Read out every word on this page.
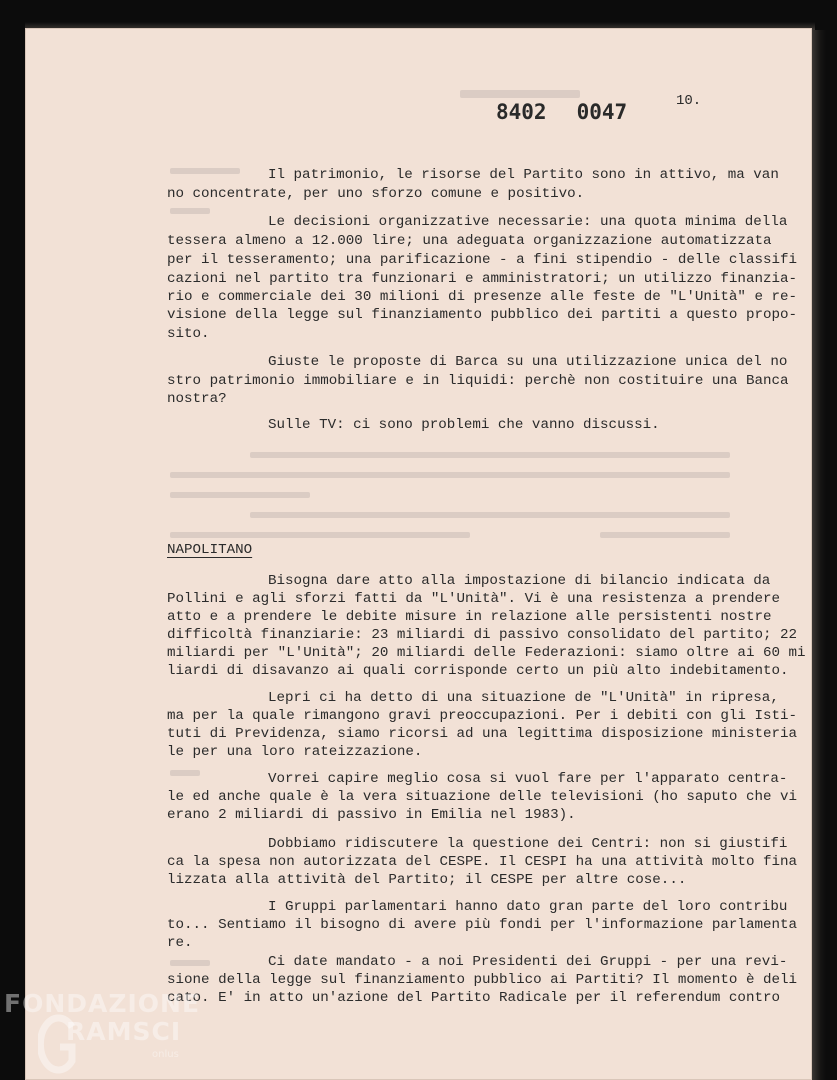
8402 0047	10.
Il patrimonio, le risorse del Partito sono in attivo, ma van
no concentrate, per uno sforzo comune e positivo.
Le decisioni organizzative necessarie: una quota minima della
tessera almeno a 12.000 lire; una adeguata organizzazione automatizzata
per il tesseramento; una parificazione - a fini stipendio - delle classifi
cazioni nel partito tra funzionari e amministratori; un utilizzo finanzia-
rio e commerciale dei 30 milioni di presenze alle feste de "L'Unità" e re-
visione della legge sul finanziamento pubblico dei partiti a questo propo-
sito.
Giuste le proposte di Barca su una utilizzazione unica del no
stro patrimonio immobiliare e in liquidi: perchè non costituire una Banca
nostra?
Sulle TV: ci sono problemi che vanno discussi.
NAPOLITANO
Bisogna dare atto alla impostazione di bilancio indicata da
Pollini e agli sforzi fatti da "L'Unità". Vi è una resistenza a prendere
atto e a prendere le debite misure in relazione alle persistenti nostre
difficoltà finanziarie: 23 miliardi di passivo consolidato del partito; 22
miliardi per "L'Unità"; 20 miliardi delle Federazioni: siamo oltre ai 60 mi
liardi di disavanzo ai quali corrisponde certo un più alto indebitamento.
Lepri ci ha detto di una situazione de "L'Unità" in ripresa,
ma per la quale rimangono gravi preoccupazioni. Per i debiti con gli Isti-
tuti di Previdenza, siamo ricorsi ad una legittima disposizione ministeria
le per una loro rateizzazione.
Vorrei capire meglio cosa si vuol fare per l'apparato centra-
le ed anche quale è la vera situazione delle televisioni (ho saputo che vi
erano 2 miliardi di passivo in Emilia nel 1983).
Dobbiamo ridiscutere la questione dei Centri: non si giustifi
ca la spesa non autorizzata del CESPE. Il CESPI ha una attività molto fina
lizzata alla attività del Partito; il CESPE per altre cose...
I Gruppi parlamentari hanno dato gran parte del loro contribu
to... Sentiamo il bisogno di avere più fondi per l'informazione parlamenta
re.
Ci date mandato - a noi Presidenti dei Gruppi - per una revi-
sione della legge sul finanziamento pubblico ai Partiti? Il momento è deli
cato. E' in atto un'azione del Partito Radicale per il referendum contro
FONDAZIONE
RAMSCI
onlus
